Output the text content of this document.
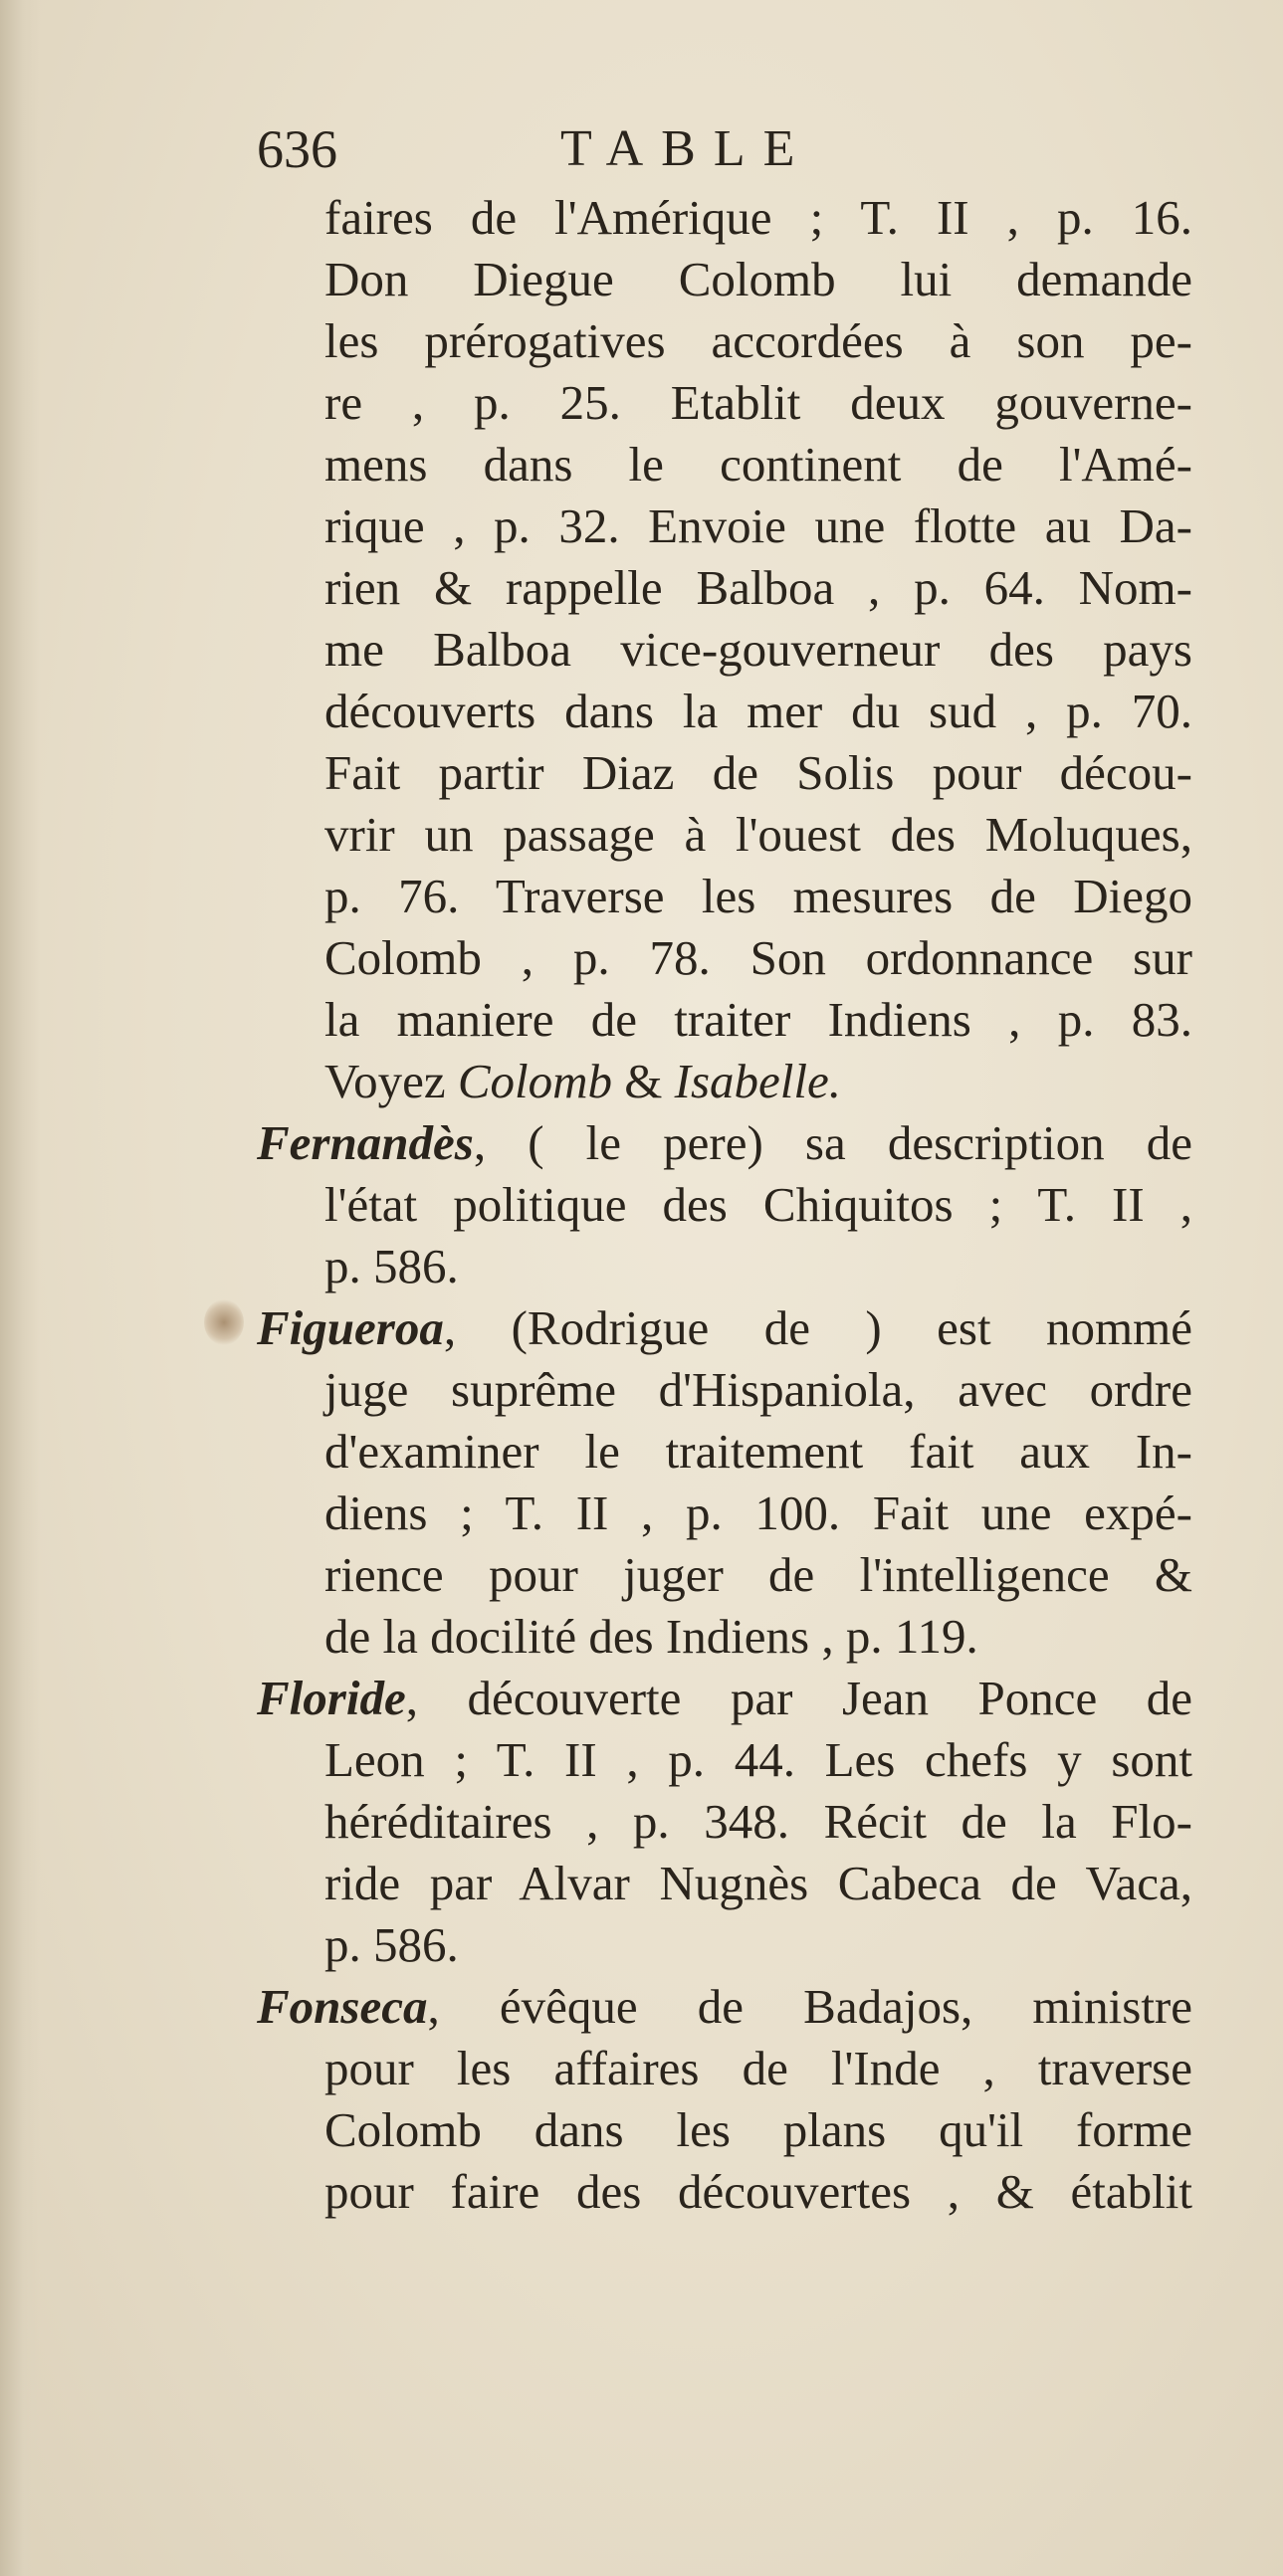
636	TABLE
faires de l'Amérique ; T. II , p. 16.
Don Diegue Colomb lui demande
les prérogatives accordées à son pe-
re , p. 25. Etablit deux gouverne-
mens dans le continent de l'Amé-
rique , p. 32. Envoie une flotte au Da-
rien & rappelle Balboa , p. 64. Nom-
me Balboa vice-gouverneur des pays
découverts dans la mer du sud , p. 70.
Fait partir Diaz de Solis pour décou-
vrir un passage à l'ouest des Moluques,
p. 76. Traverse les mesures de Diego
Colomb , p. 78. Son ordonnance sur
la maniere de traiter Indiens , p. 83.
Voyez Colomb & Isabelle.
Fernandès, ( le pere) sa description de
l'état politique des Chiquitos ; T. II ,
p. 586.
Figueroa, (Rodrigue de ) est nommé
juge suprême d'Hispaniola, avec ordre
d'examiner le traitement fait aux In-
diens ; T. II , p. 100. Fait une expé-
rience pour juger de l'intelligence &
de la docilité des Indiens , p. 119.
Floride, découverte par Jean Ponce de
Leon ; T. II , p. 44. Les chefs y sont
héréditaires , p. 348. Récit de la Flo-
ride par Alvar Nugnès Cabeca de Vaca,
p. 586.
Fonseca, évêque de Badajos, ministre
pour les affaires de l'Inde , traverse
Colomb dans les plans qu'il forme
pour faire des découvertes , & établit
